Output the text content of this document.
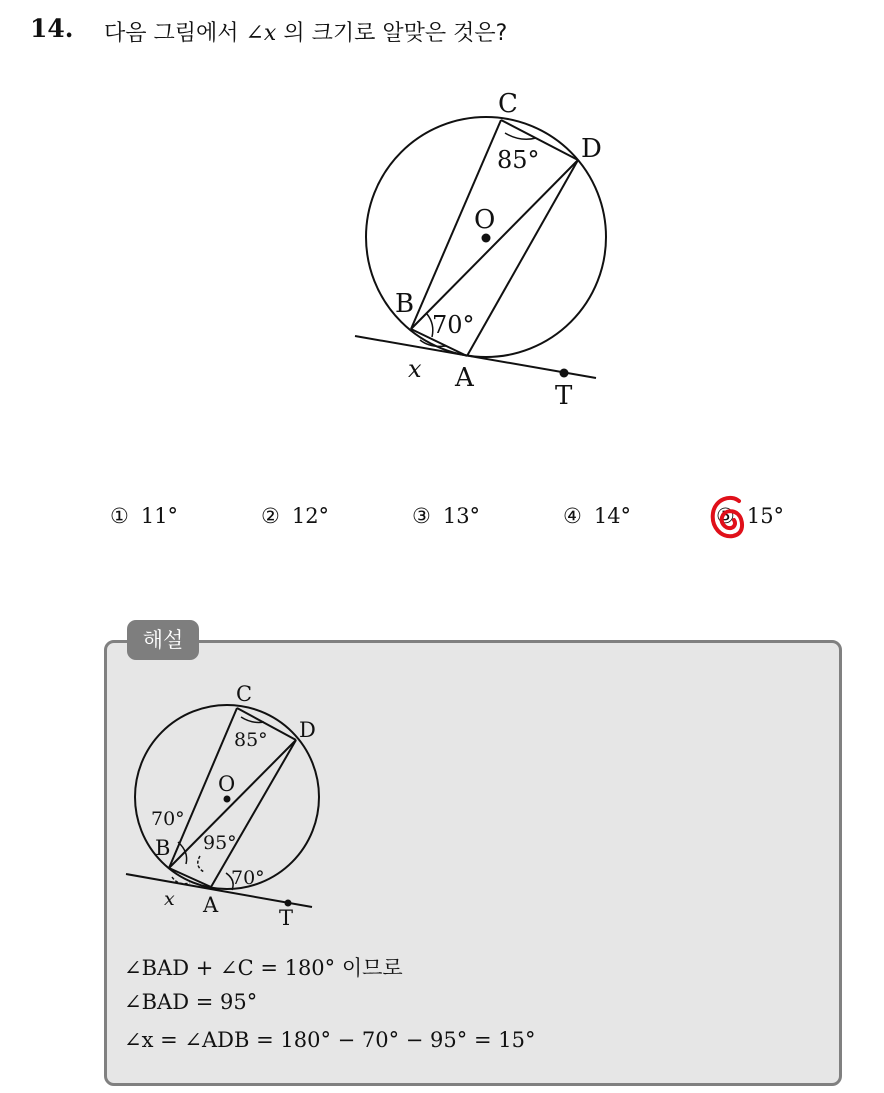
14. 다음 그림에서 ∠x 의 크기로 알맞은 것은?
C
D
O
B
A
T
x
85°
70°
① 11°	② 12°	③ 13°	④ 14°	⑤ 15°
해설
C
D
O
B
A
T
x
85°
70°
95°
70°
∠BAD + ∠C = 180° 이므로
∠BAD = 95°
∠x = ∠ADB = 180° − 70° − 95° = 15°
